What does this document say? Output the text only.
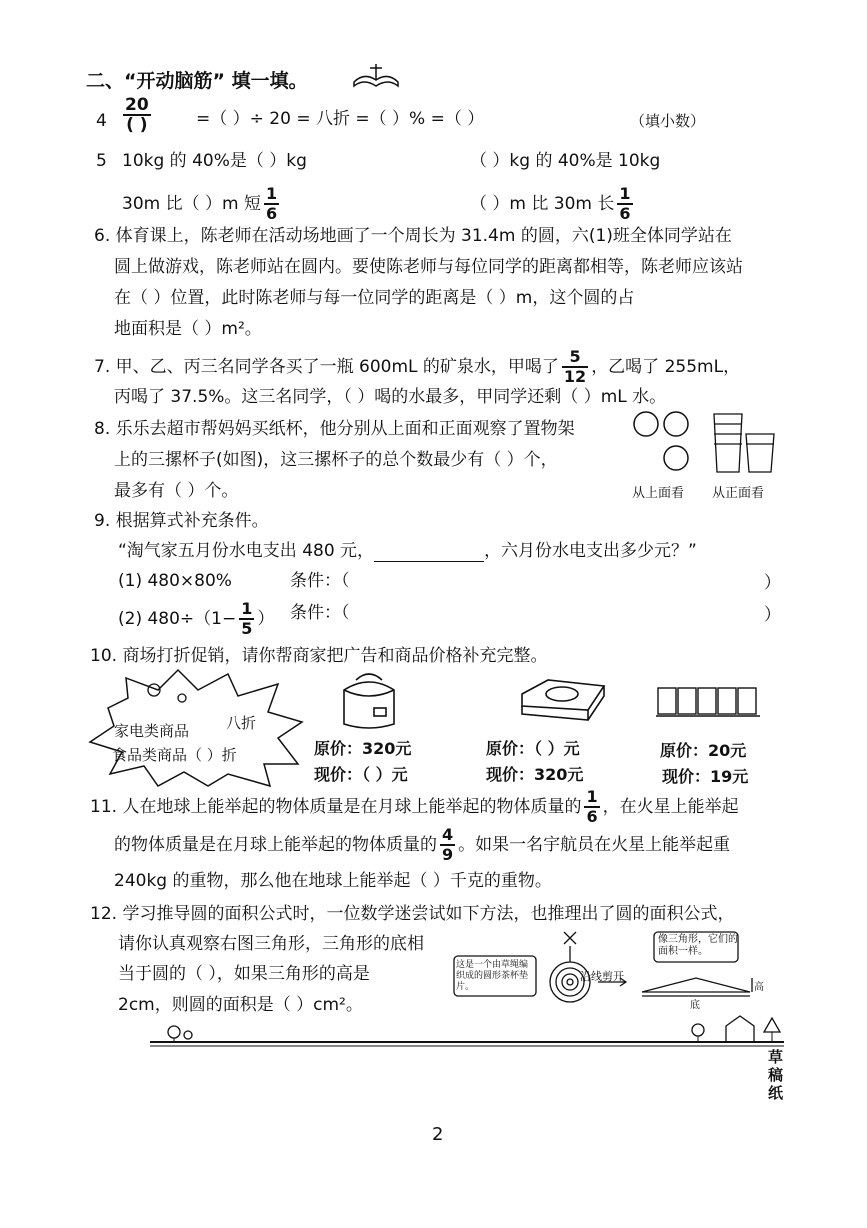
二、“开动脑筋” 填一填。
$4 \frac{20}{( )}$	=（ ）÷ 20 = 八折 =（ ）% =（ ）	（填小数）
5 10kg 的 40%是（ ）kg	（ ）kg 的 40%是 10kg
30m 比（ ）m 短 $\frac{1}{6}$	（ ）m 比 30m 长 $\frac{1}{6}$
6. 体育课上，陈老师在活动场地画了一个周长为 31.4m 的圆，六(1)班全体同学站在
圆上做游戏，陈老师站在圆内。要使陈老师与每位同学的距离都相等，陈老师应该站
在（ ）位置，此时陈老师与每一位同学的距离是（ ）m，这个圆的占
地面积是（ ）m²。
7. 甲、乙、丙三名同学各买了一瓶 600mL 的矿泉水，甲喝了 $\frac{5}{12}$ ，乙喝了 255mL，
丙喝了 37.5%。这三名同学，（ ）喝的水最多，甲同学还剩（ ）mL 水。
8. 乐乐去超市帮妈妈买纸杯，他分别从上面和正面观察了置物架
上的三摞杯子(如图)，这三摞杯子的总个数最少有（ ）个，
最多有（ ）个。	从上面看 从正面看
9. 根据算式补充条件。
“淘气家五月份水电支出 480 元，	，六月份水电支出多少元？”
(1) 480×80%	条件：（	）
(2) $480\div(1- \frac{1}{5}$ ） 条件：（	）
10. 商场打折促销，请你帮商家把广告和商品价格补充完整。
家电类商品 八折
食品类商品（ ）折	原价：320元
现价：（ ）元
原价：（ ）元
现价：320元
原价：20元
现价：19元
11. 人在地球上能举起的物体质量是在月球上能举起的物体质量的 $\frac{1}{6}$ ，在火星上能举起
的物体质量是在月球上能举起的物体质量的 $\frac{4}{9}$ 。如果一名宇航员在火星上能举起重
240kg 的重物，那么他在地球上能举起（ ）千克的重物。
12. 学习推导圆的面积公式时，一位数学迷尝试如下方法，也推理出了圆的面积公式，
请你认真观察右图三角形，三角形的底相
当于圆的（ ），如果三角形的高是
2cm，则圆的面积是（ ）cm²。
这是一个由草绳编织成的圆形茶杯垫片。
沿线剪开
像三角形，它们的面积一样。
底
高
草稿纸
2
